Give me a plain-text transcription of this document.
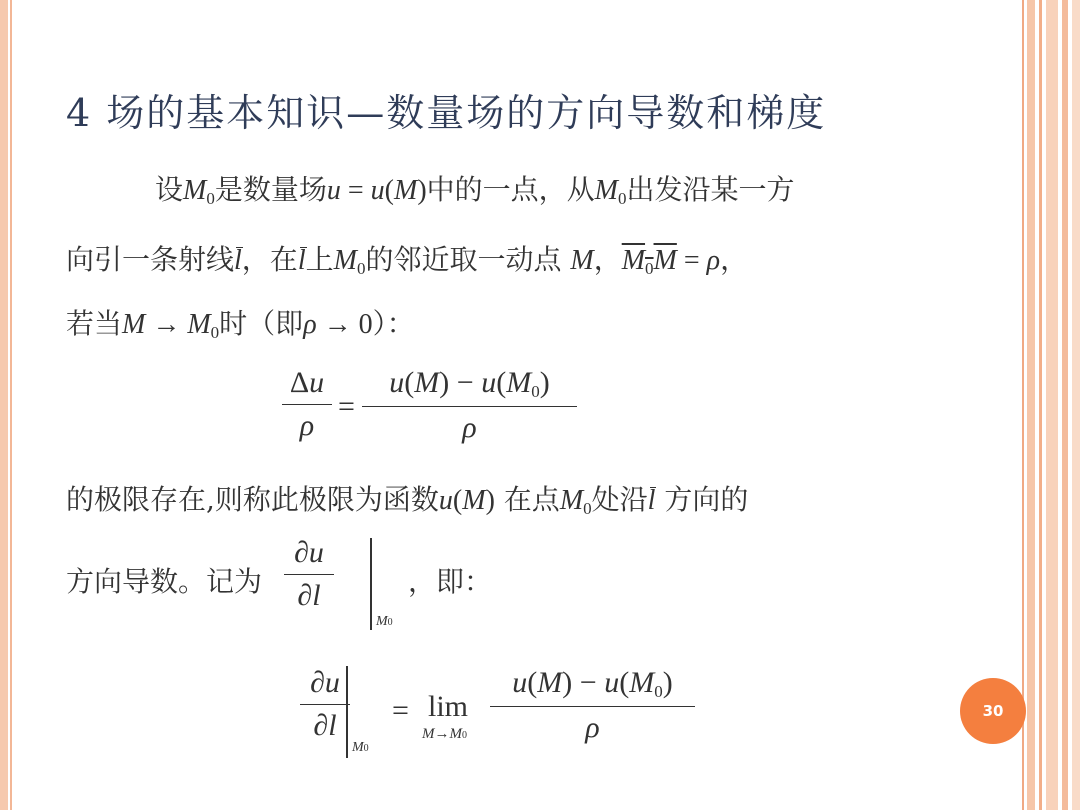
4 场的基本知识—数量场的方向导数和梯度
设$M_0$是数量场u = u(M)中的一点，从$M_0$出发沿某一方
向引一条射线l，在l上$M_0$的邻近取一动点 M，$M_0M = \rho$，
若当$M \to M_0$时（即ρ → 0）：
$\frac{\Delta u}{\rho} = \frac{u(M) - u(M_0)}{\rho}$
的极限存在,则称此极限为函数u(M) 在点$M_0$处沿l 方向的
方向导数。记为 $\frac{\partial u}{\partial l}$
M0
，即：
$\frac{\partial u}{\partial l}$
M0
= lim
$M\to M0 \frac{u(M) - u(M_0)}{\rho}$	30
